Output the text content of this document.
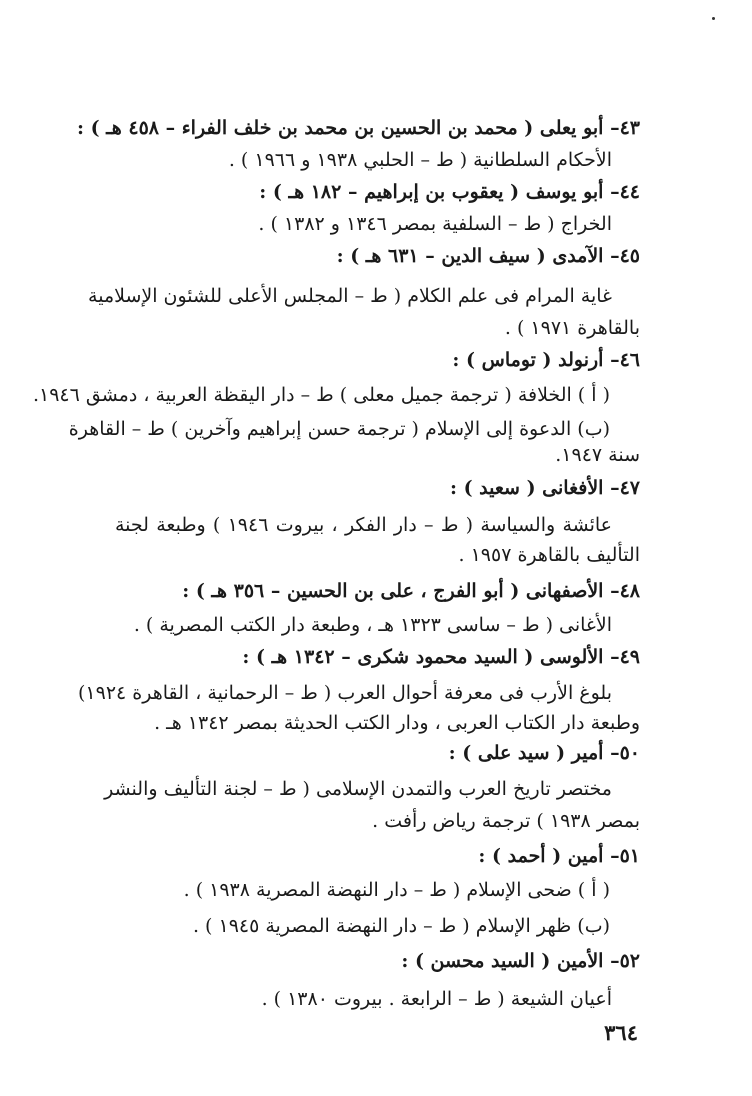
٤٣– أبو يعلى ( محمد بن الحسين بن محمد بن خلف الفراء – ٤٥٨ هـ ) :
الأحكام السلطانية ( ط – الحلبي ١٩٣٨ و ١٩٦٦ ) .
٤٤– أبو يوسف ( يعقوب بن إبراهيم – ١٨٢ هـ ) :
الخراج ( ط – السلفية بمصر ١٣٤٦ و ١٣٨٢ ) .
٤٥– الآمدى ( سيف الدين – ٦٣١ هـ ) :
غاية المرام فى علم الكلام ( ط – المجلس الأعلى للشئون الإسلامية
بالقاهرة ١٩٧١ ) .
٤٦– أرنولد ( توماس ) :
( أ ) الخلافة ( ترجمة جميل معلى ) ط – دار اليقظة العربية ، دمشق ١٩٤٦.
(ب) الدعوة إلى الإسلام ( ترجمة حسن إبراهيم وآخرين ) ط – القاهرة
سنة ١٩٤٧.
٤٧– الأفغانى ( سعيد ) :
عائشة والسياسة ( ط – دار الفكر ، بيروت ١٩٤٦ ) وطبعة لجنة
التأليف بالقاهرة ١٩٥٧ .
٤٨– الأصفهانى ( أبو الفرج ، على بن الحسين – ٣٥٦ هـ ) :
الأغانى ( ط – ساسى ١٣٢٣ هـ ، وطبعة دار الكتب المصرية ) .
٤٩– الألوسى ( السيد محمود شكرى – ١٣٤٢ هـ ) :
بلوغ الأرب فى معرفة أحوال العرب ( ط – الرحمانية ، القاهرة ١٩٢٤)
وطبعة دار الكتاب العربى ، ودار الكتب الحديثة بمصر ١٣٤٢ هـ .
٥٠– أمير ( سيد على ) :
مختصر تاريخ العرب والتمدن الإسلامى ( ط – لجنة التأليف والنشر
بمصر ١٩٣٨ ) ترجمة رياض رأفت .
٥١– أمين ( أحمد ) :
( أ ) ضحى الإسلام ( ط – دار النهضة المصرية ١٩٣٨ ) .
(ب) ظهر الإسلام ( ط – دار النهضة المصرية ١٩٤٥ ) .
٥٢– الأمين ( السيد محسن ) :
أعيان الشيعة ( ط – الرابعة . بيروت ١٣٨٠ ) .
٣٦٤
